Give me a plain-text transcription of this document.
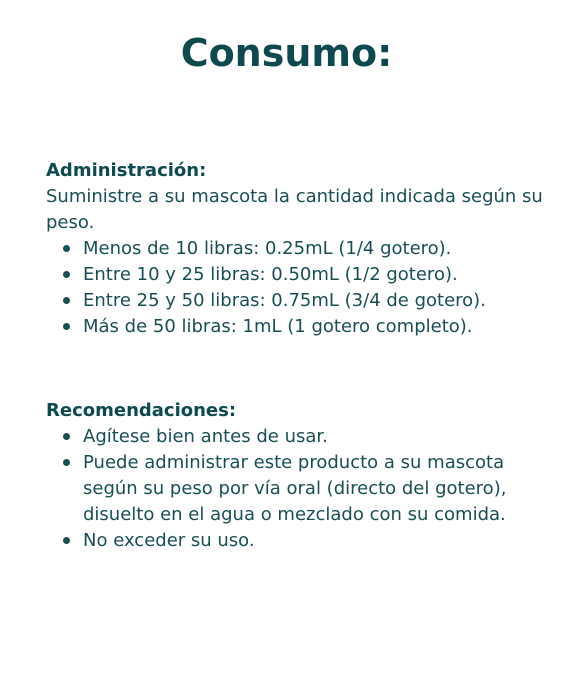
Consumo:

Administración:

Suministre a su mascota la cantidad indicada según su peso.

Menos de 10 libras: 0.25mL (1/4 gotero).
Entre 10 y 25 libras: 0.50mL (1/2 gotero).
Entre 25 y 50 libras: 0.75mL (3/4 de gotero).
Más de 50 libras: 1mL (1 gotero completo).

Recomendaciones:

Agítese bien antes de usar.
Puede administrar este producto a su mascota según su peso por vía oral (directo del gotero), disuelto en el agua o mezclado con su comida.
No exceder su uso.
